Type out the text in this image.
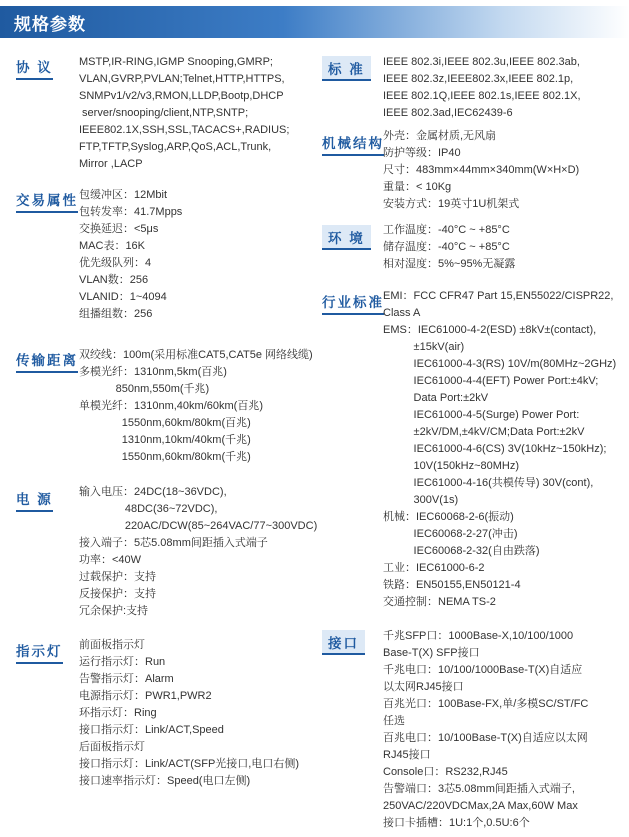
规格参数
协 议 MSTP,IR-RING,IGMP Snooping,GMRP;
VLAN,GVRP,PVLAN;Telnet,HTTP,HTTPS,
SNMPv1/v2/v3,RMON,LLDP,Bootp,DHCP
server/snooping/client,NTP,SNTP;
IEEE802.1X,SSH,SSL,TACACS+,RADIUS;
FTP,TFTP,Syslog,ARP,QoS,ACL,Trunk,
Mirror ,LACP
交易属性 包缓冲区：12Mbit
包转发率：41.7Mpps
交换延迟：<5μs
MAC表：16K
优先级队列：4
VLAN数：256
VLANID：1~4094
组播组数：256
传输距离 双绞线：100m(采用标准CAT5,CAT5e 网络线缆)
多模光纤：1310nm,5km(百兆)
850nm,550m(千兆)
单模光纤：1310nm,40km/60km(百兆)
1550nm,60km/80km(百兆)
1310nm,10km/40km(千兆)
1550nm,60km/80km(千兆)
电 源 输入电压：24DC(18~36VDC),
48DC(36~72VDC),
220AC/DCW(85~264VAC/77~300VDC)
接入端子：5芯5.08mm间距插入式端子
功率：<40W
过载保护：支持
反接保护：支持
冗余保护:支持
指示灯 前面板指示灯
运行指示灯：Run
告警指示灯：Alarm
电源指示灯：PWR1,PWR2
环指示灯：Ring
接口指示灯：Link/ACT,Speed
后面板指示灯
接口指示灯：Link/ACT(SFP光接口,电口右侧)
接口速率指示灯：Speed(电口左侧)
标 准	IEEE 802.3i,IEEE 802.3u,IEEE 802.3ab,
IEEE 802.3z,IEEE802.3x,IEEE 802.1p,
IEEE 802.1Q,IEEE 802.1s,IEEE 802.1X,
IEEE 802.3ad,IEC62439-6
机械结构 外壳：金属材质,无风扇
防护等级：IP40
尺寸：483mm×44mm×340mm(W×H×D)
重量：< 10Kg
安装方式：19英寸1U机架式
环 境
工作温度：-40°C ~ +85°C
储存温度：-40°C ~ +85°C
相对湿度：5%~95%无凝露
行业标准 EMI：FCC CFR47 Part 15,EN55022/CISPR22,
Class A
EMS：IEC61000-4-2(ESD) ±8kV±(contact),
±15kV(air)
IEC61000-4-3(RS) 10V/m(80MHz~2GHz)
IEC61000-4-4(EFT) Power Port:±4kV;
Data Port:±2kV
IEC61000-4-5(Surge) Power Port:
±2kV/DM,±4kV/CM;Data Port:±2kV
IEC61000-4-6(CS) 3V(10kHz~150kHz);
10V(150kHz~80MHz)
IEC61000-4-16(共模传导) 30V(cont),
300V(1s)
机械：IEC60068-2-6(振动)
IEC60068-2-27(冲击)
IEC60068-2-32(自由跌落)
工业：IEC61000-6-2
铁路：EN50155,EN50121-4
交通控制：NEMA TS-2
接口	千兆SFP口：1000Base-X,10/100/1000
Base-T(X) SFP接口
千兆电口：10/100/1000Base-T(X)自适应
以太网RJ45接口
百兆光口：100Base-FX,单/多模SC/ST/FC
任选
百兆电口：10/100Base-T(X)自适应以太网
RJ45接口
Console口：RS232,RJ45
告警端口：3芯5.08mm间距插入式端子,
250VAC/220VDCMax,2A Max,60W Max
接口卡插槽：1U:1个,0.5U:6个
